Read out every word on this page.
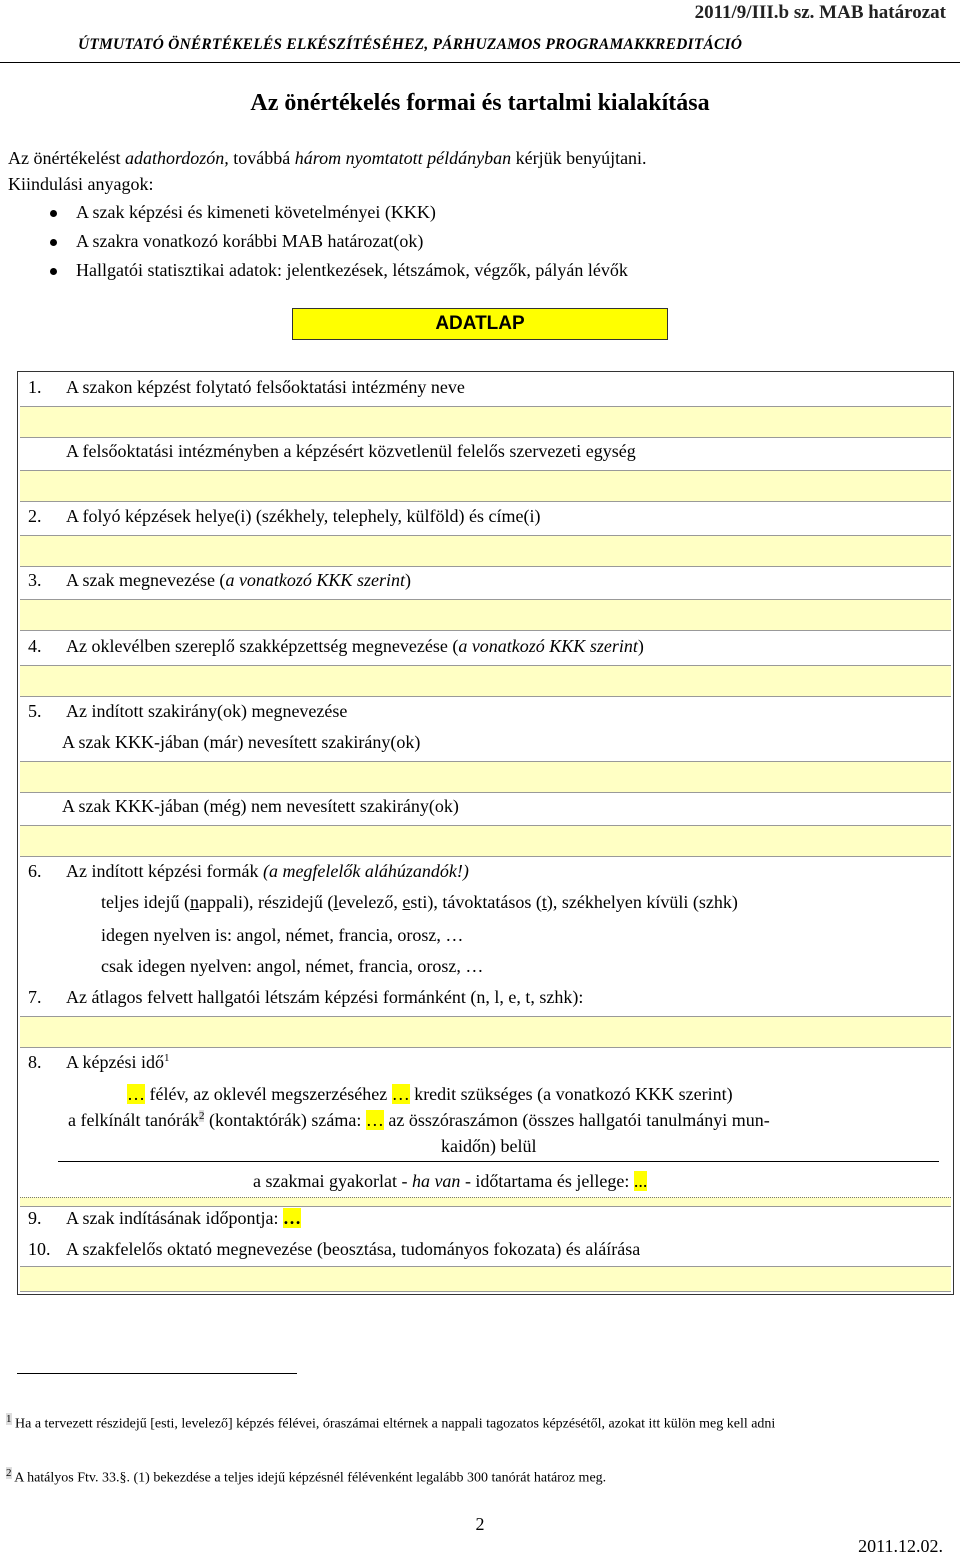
2011/9/III.b sz. MAB határozat
ÚTMUTATÓ ÖNÉRTÉKELÉS ELKÉSZÍTÉSÉHEZ, PÁRHUZAMOS PROGRAMAKKREDITÁCIÓ
Az önértékelés formai és tartalmi kialakítása
Az önértékelést adathordozón, továbbá három nyomtatott példányban kérjük benyújtani.
Kiindulási anyagok:
A szak képzési és kimeneti követelményei (KKK)
A szakra vonatkozó korábbi MAB határozat(ok)
Hallgatói statisztikai adatok: jelentkezések, létszámok, végzők, pályán lévők
ADATLAP
1. A szakon képzést folytató felsőoktatási intézmény neve
A felsőoktatási intézményben a képzésért közvetlenül felelős szervezeti egység
2. A folyó képzések helye(i) (székhely, telephely, külföld) és címe(i)
3. A szak megnevezése (a vonatkozó KKK szerint)
4. Az oklevélben szereplő szakképzettség megnevezése (a vonatkozó KKK szerint)
5. Az indított szakirány(ok) megnevezése
A szak KKK-jában (már) nevesített szakirány(ok)
A szak KKK-jában (még) nem nevesített szakirány(ok)
6. Az indított képzési formák (a megfelelők aláhúzandók!)
teljes idejű (nappali), részidejű (levelező, esti), távoktatásos (t), székhelyen kívüli (szhk)
idegen nyelven is: angol, német, francia, orosz, …
csak idegen nyelven: angol, német, francia, orosz, …
7. Az átlagos felvett hallgatói létszám képzési formánként (n, l, e, t, szhk):
8. A képzési idő$^1$
… félév, az oklevél megszerzéséhez … kredit szükséges (a vonatkozó KKK szerint)
a felkínált tanórák$^2$ (kontaktórák) száma: … az összóraszámon (összes hallgatói tanulmányi mun-
kaidőn) belül
a szakmai gyakorlat - ha van - időtartama és jellege: ...
9. A szak indításának időpontja: …
10. A szakfelelős oktató megnevezése (beosztása, tudományos fokozata) és aláírása
$^1$ Ha a tervezett részidejű [esti, levelező] képzés félévei, óraszámai eltérnek a nappali tagozatos képzésétől, azokat itt külön meg kell adni
$^2$ A hatályos Ftv. 33.§. (1) bekezdése a teljes idejű képzésnél félévenként legalább 300 tanórát határoz meg.
2
2011.12.02.
